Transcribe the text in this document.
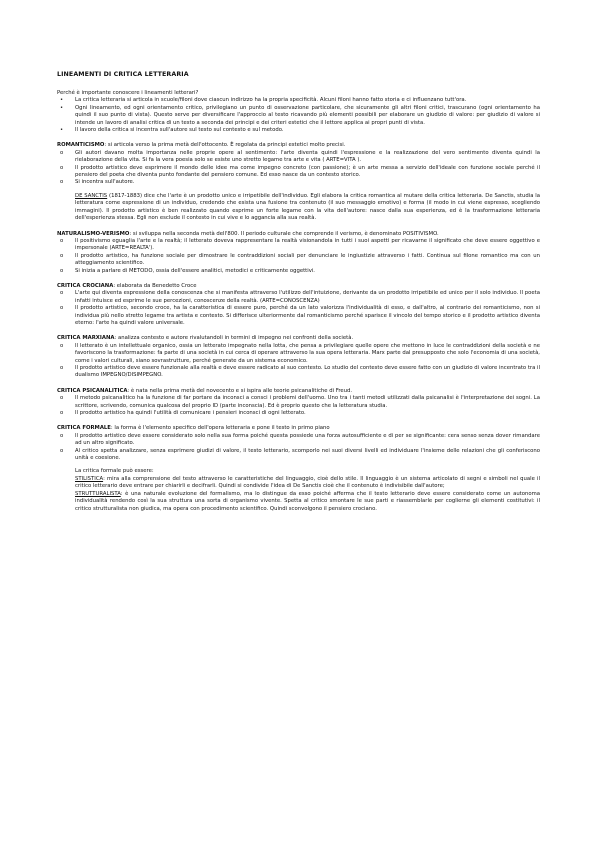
LINEAMENTI DI CRITICA LETTERARIA

Perché è importante conoscere i lineamenti letterari?

• La critica letteraria si articola in scuole/filoni dove ciascun indirizzo ha la propria specificità. Alcuni filoni hanno fatto storia e ci influenzano tutt'ora.
• Ogni lineamento, ed ogni orientamento critico, privilegiano un punto di osservazione particolare, che sicuramente gli altri filoni critici, trascurano (ogni orientamento ha quindi il suo punto di vista). Questo serve per diversificare l'approccio al testo ricavando più elementi possibili per elaborare un giudizio di valore: per giudizio di valore si intende un lavoro di analisi critica di un testo a seconda dei principi e dei criteri estetici che il lettore applica ai propri punti di vista.
• Il lavoro della critica si incentra sull'autore sul testo sul contesto e sul metodo.

ROMANTICISMO: si articola verso la prima metà dell'ottocento. È regolata da principi estetici molto precisi.

o Gli autori davano molta importanza nelle proprie opere al sentimento: l'arte diventa quindi l'espressione e la realizzazione del vero sentimento diventa quindi la rielaborazione della vita. Si fa la vera poesia solo se esiste uno stretto legame tra arte e vita ( ARTE=VITA ).
o Il prodotto artistico deve esprimere il mondo delle idee ma come impegno concreto (con passione); è un arte messa a servizio dell'ideale con funzione sociale perché il pensiero del poeta che diventa punto fondante del pensiero comune. Ed esso nasce da un contesto storico.
o Si incentra sull'autore.

DE SANCTIS (1817-1883) dice che l'arte è un prodotto unico e irripetibile dell'individuo. Egli elabora la critica romantica al mutare della critica letteraria. De Sanctis, studia la letteratura come espressione di un individuo, credendo che esista una fusione tra contenuto (il suo messaggio emotivo) e forma (il modo in cui viene espresso, scegliendo immagini). Il prodotto artistico è ben realizzato quando esprime un forte legame con la vita dell'autore: nasce dalla sua esperienza, ed è la trasformazione letteraria dell'esperienza stessa. Egli non esclude il contesto in cui vive e lo aggancia alla sua realtà.

NATURALISMO-VERISMO: si sviluppa nella seconda metà dell'800. Il periodo culturale che comprende il verismo, è denominato POSITIVISMO.

o Il positivismo eguaglia l'arte e la realtà; il letterato doveva rappresentare la realtà visionandola in tutti i suoi aspetti per ricavarne il significato che deve essere oggettivo e impersonale (ARTE=REALTA').
o Il prodotto artistico, ha funzione sociale per dimostrare le contraddizioni sociali per denunciare le ingiustizie attraverso i fatti. Continua sul filone romantico ma con un atteggiamento scientifico.
o Si inizia a parlare di METODO, ossia dell'essere analitici, metodici e criticamente oggettivi.

CRITICA CROCIANA: elaborata da Benedetto Croce

o L'arte qui diventa espressione della conoscenza che si manifesta attraverso l'utilizzo dell'intuizione, derivante da un prodotto irripetibile ed unico per il solo individuo. Il poeta infatti intuisce ed esprime le sue percezioni, conoscenze della realtà. (ARTE=CONOSCENZA)
o Il prodotto artistico, secondo croce, ha la caratteristica di essere puro, perché da un lato valorizza l'individualità di esso, e dall'altro, al contrario dei romanticismo, non si individua più nello stretto legame tra artista e contesto. Si differisce ulteriormente dal romanticismo perché sparisce il vincolo del tempo storico e il prodotto artistico diventa eterno: l'arte ha quindi valore universale.

CRITICA MARXIANA: analizza contesto e autore rivalutandoli in termini di impegno nei confronti della società.

o Il letterato è un intellettuale organico, ossia un letterato impegnato nella lotta, che pensa a privilegiare quelle opere che mettono in luce le contraddizioni della società e ne favoriscono la trasformazione: fa parte di una società in cui cerca di operare attraverso la sua opera letteraria. Marx parte dal presupposto che solo l'economia di una società, come i valori culturali, siano sovrastrutture, perché generate da un sistema economico.
o Il prodotto artistico deve essere funzionale alla realtà e deve essere radicato al suo contesto. Lo studio del contesto deve essere fatto con un giudizio di valore incentrato tra il dualismo IMPEGNO/DISIMPEGNO.

CRITICA PSICANALITICA: è nata nella prima metà del novecento e si ispira alle teorie psicanalitiche di Freud.

o Il metodo psicanalitico ha la funzione di far portare da inconsci a consci i problemi dell'uomo. Uno tra i tanti metodi utilizzati dalla psicanalisi è l'interpretazione dei sogni. La scrittore, scrivendo, comunica qualcosa del proprio ID (parte inconscia). Ed è proprio questo che la letteratura studia.
o Il prodotto artistico ha quindi l'utilità di comunicare i pensieri inconsci di ogni letterato.

CRITICA FORMALE: la forma è l'elemento specifico dell'opera letteraria e pone il testo in primo piano

o Il prodotto artistico deve essere considerato solo nella sua forma poiché questa possiede una forza autosufficiente e di per se significante: cera senso senza dover rimandare ad un altro significato.
o Al critico spetta analizzare, senza esprimere giudizi di valore, il testo letterario, scomporlo nei suoi diversi livelli ed individuare l'insieme delle relazioni che gli conferiscono unità e coesione.

La critica formale può essere:

STILISTICA: mira alla comprensione del testo attraverso le caratteristiche del linguaggio, cioè dello stile. Il linguaggio è un sistema articolato di segni e simboli nel quale il critico letterario deve entrare per chiarirli e decifrarli. Quindi si condivide l'idea di De Sanctis cioè che il contenuto è indivisibile dall'autore;

STRUTTURALISTA: è una naturale evoluzione del formalismo, ma lo distingue da esso poiché afferma che il testo letterario deve essere considerato come un autonoma individualità rendendo così la sua struttura una sorta di organismo vivente. Spetta al critico smontare le sue parti e riassemblarle per coglierne gli elementi costitutivi: il critico strutturalista non giudica, ma opera con procedimento scientifico. Quindi sconvolgono il pensiero crociano.
